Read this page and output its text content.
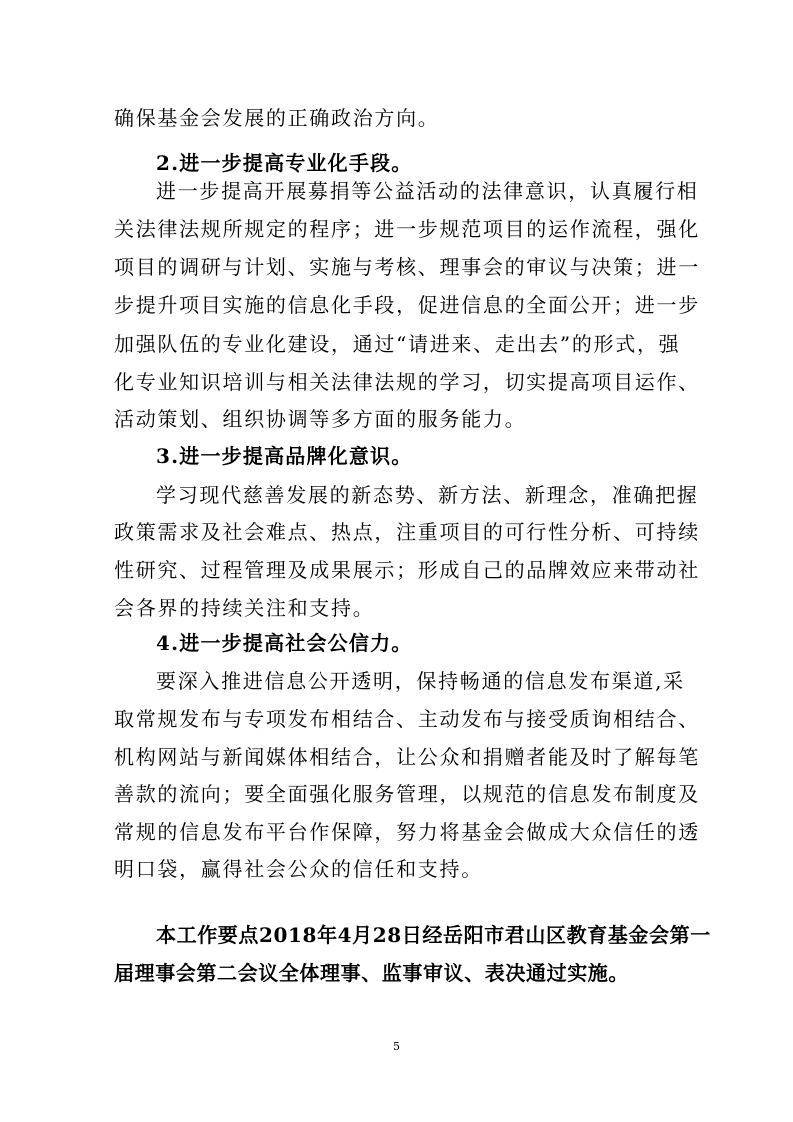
确保基金会发展的正确政治方向。
2.进一步提高专业化手段。
进一步提高开展募捐等公益活动的法律意识，认真履行相
关法律法规所规定的程序；进一步规范项目的运作流程，强化
项目的调研与计划、实施与考核、理事会的审议与决策；进一
步提升项目实施的信息化手段，促进信息的全面公开；进一步
加强队伍的专业化建设，通过“请进来、走出去”的形式，强
化专业知识培训与相关法律法规的学习，切实提高项目运作、
活动策划、组织协调等多方面的服务能力。
3.进一步提高品牌化意识。
学习现代慈善发展的新态势、新方法、新理念，准确把握
政策需求及社会难点、热点，注重项目的可行性分析、可持续
性研究、过程管理及成果展示；形成自己的品牌效应来带动社
会各界的持续关注和支持。
4.进一步提高社会公信力。
要深入推进信息公开透明，保持畅通的信息发布渠道,采
取常规发布与专项发布相结合、主动发布与接受质询相结合、
机构网站与新闻媒体相结合，让公众和捐赠者能及时了解每笔
善款的流向；要全面强化服务管理，以规范的信息发布制度及
常规的信息发布平台作保障，努力将基金会做成大众信任的透
明口袋，赢得社会公众的信任和支持。
本工作要点2018年4月28日经岳阳市君山区教育基金会第一
届理事会第二会议全体理事、监事审议、表决通过实施。
5
